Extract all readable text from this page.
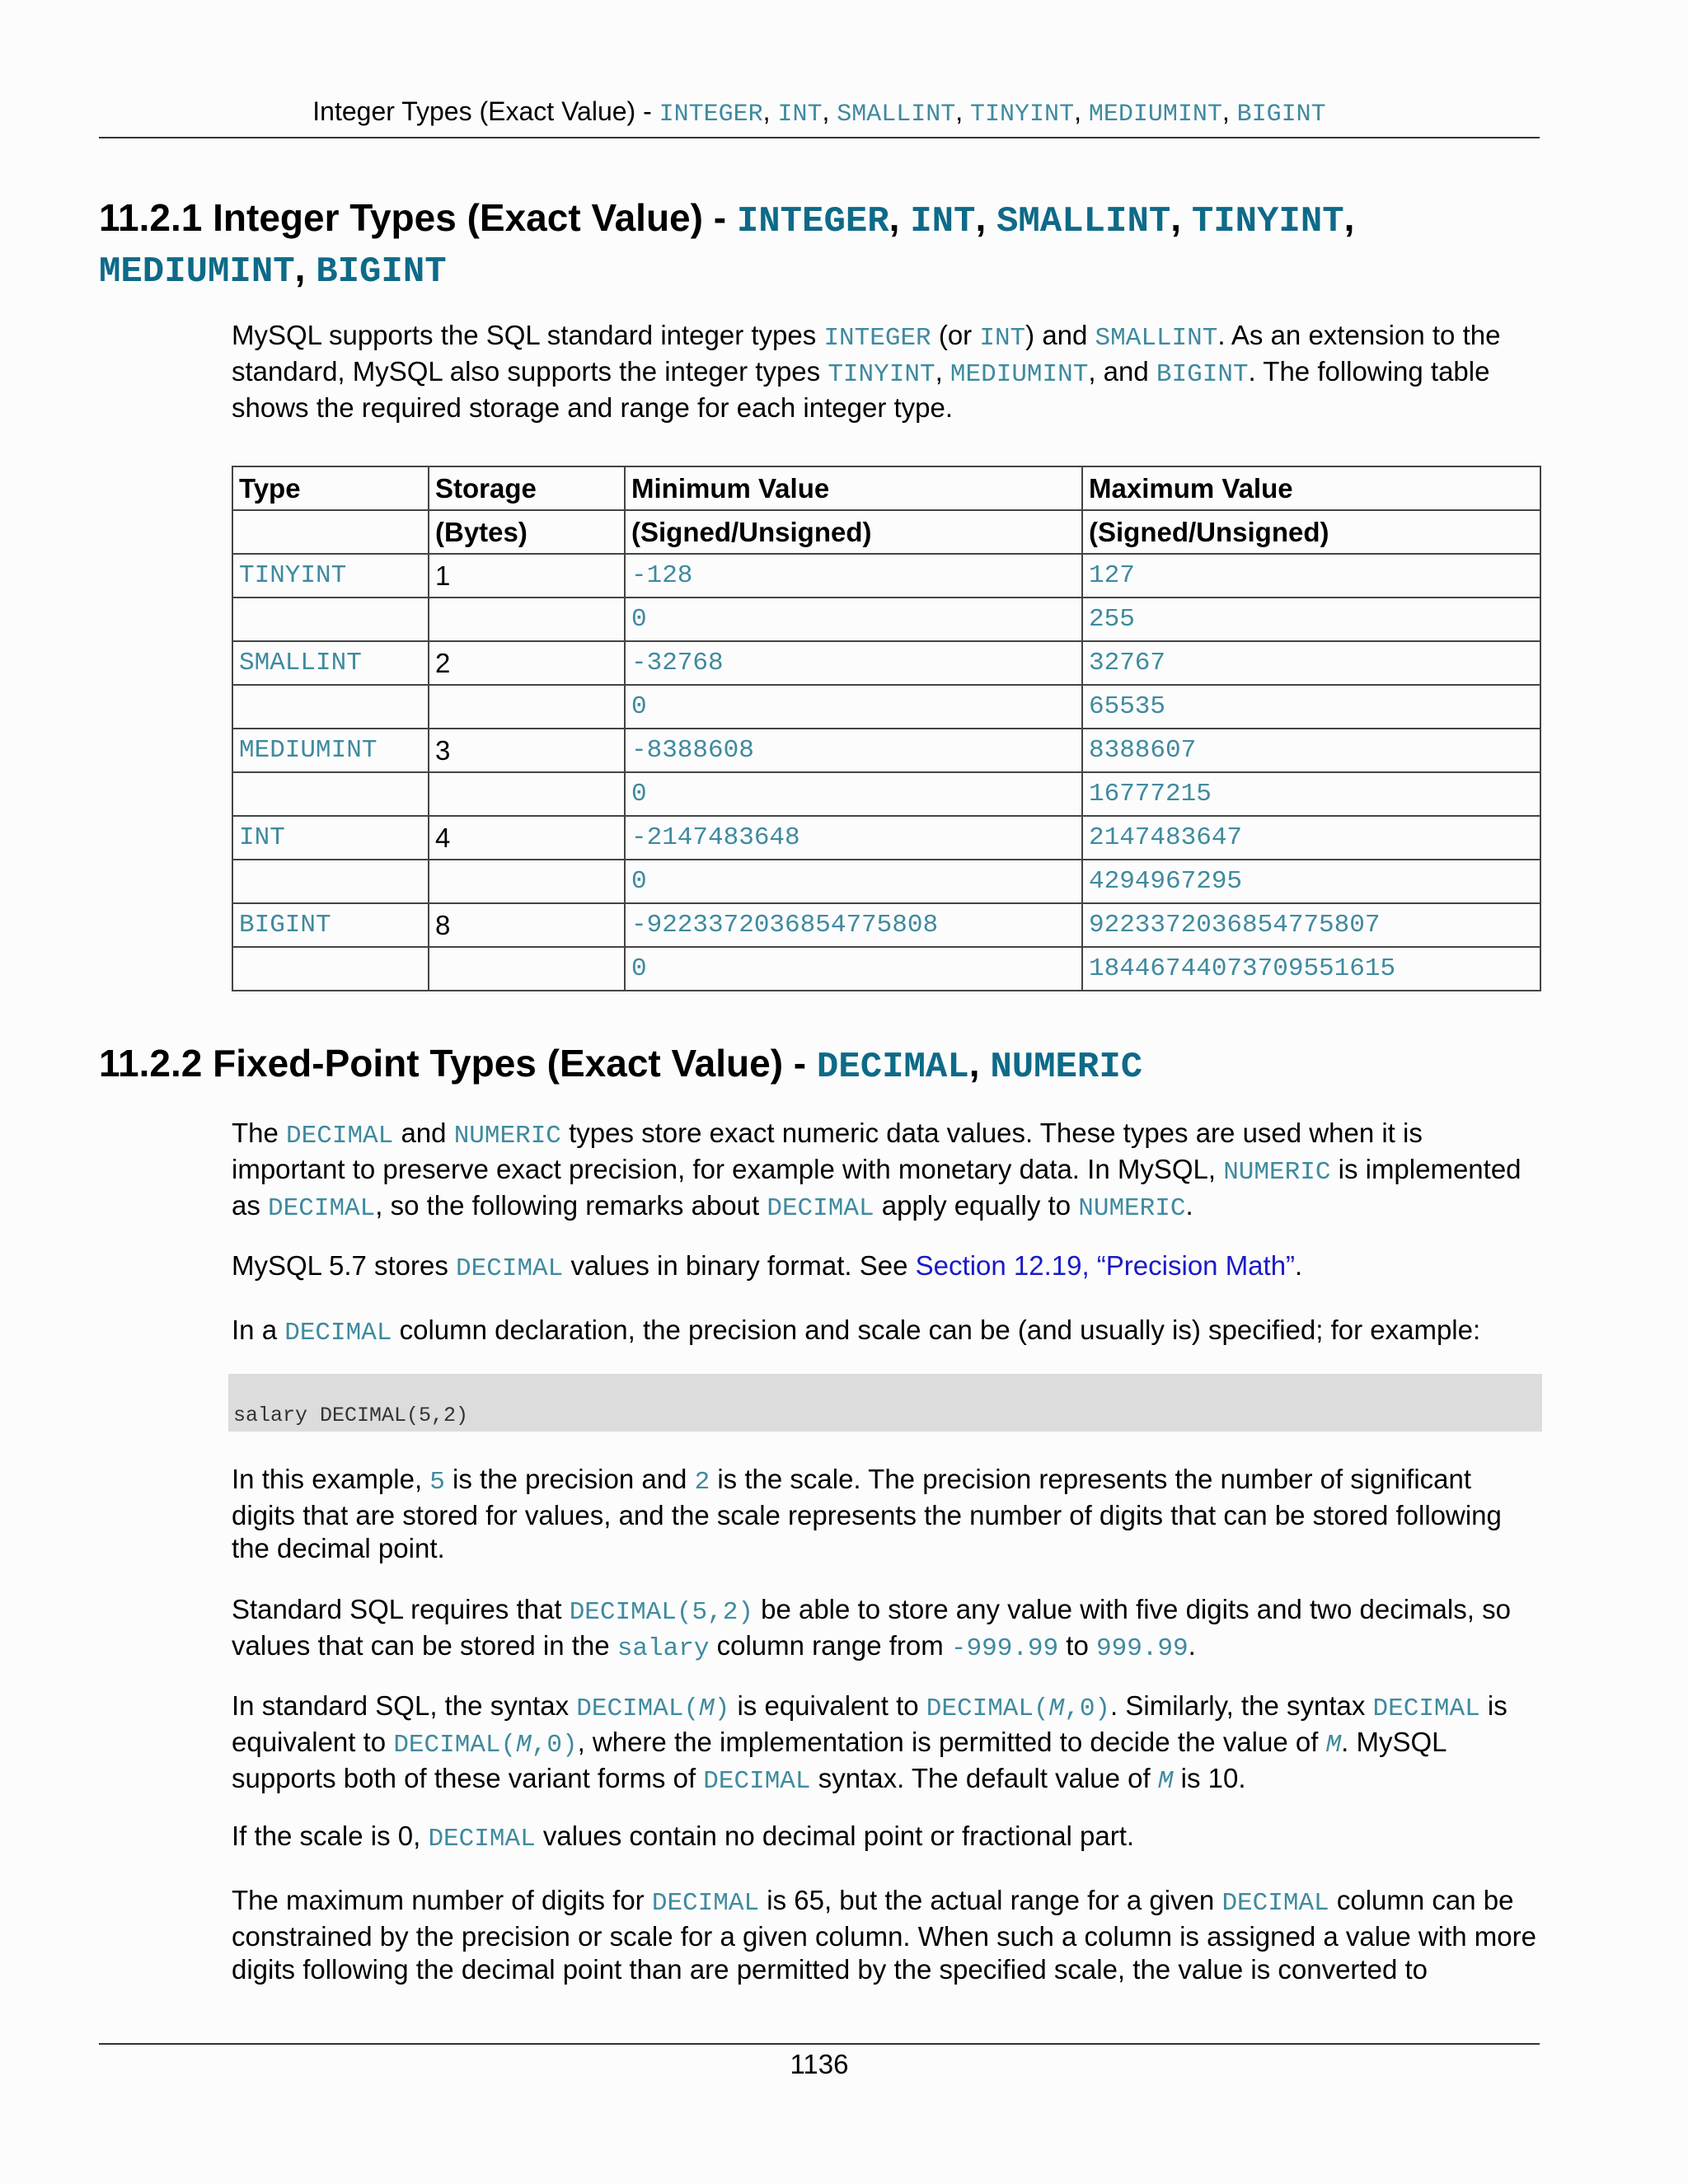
Integer Types (Exact Value) - INTEGER, INT, SMALLINT, TINYINT, MEDIUMINT, BIGINT
11.2.1 Integer Types (Exact Value) - INTEGER, INT, SMALLINT, TINYINT,
MEDIUMINT, BIGINT

MySQL supports the SQL standard integer types INTEGER (or INT) and SMALLINT. As an extension to the standard, MySQL also supports the integer types TINYINT, MEDIUMINT, and BIGINT. The following table shows the required storage and range for each integer type.

Type	Storage	Minimum Value	Maximum Value
	(Bytes)	(Signed/Unsigned)	(Signed/Unsigned)
TINYINT	1	-128	127
		0	255
SMALLINT	2	-32768	32767
		0	65535
MEDIUMINT	3	-8388608	8388607
		0	16777215
INT	4	-2147483648	2147483647
		0	4294967295
BIGINT	8	-9223372036854775808	9223372036854775807
		0	18446744073709551615
11.2.2 Fixed-Point Types (Exact Value) - DECIMAL, NUMERIC

The DECIMAL and NUMERIC types store exact numeric data values. These types are used when it is important to preserve exact precision, for example with monetary data. In MySQL, NUMERIC is implemented as DECIMAL, so the following remarks about DECIMAL apply equally to NUMERIC.

MySQL 5.7 stores DECIMAL values in binary format. See Section 12.19, “Precision Math”.

In a DECIMAL column declaration, the precision and scale can be (and usually is) specified; for example:

salary DECIMAL(5,2)

In this example, 5 is the precision and 2 is the scale. The precision represents the number of significant digits that are stored for values, and the scale represents the number of digits that can be stored following the decimal point.

Standard SQL requires that DECIMAL(5,2) be able to store any value with five digits and two decimals, so values that can be stored in the salary column range from -999.99 to 999.99.

In standard SQL, the syntax DECIMAL(M) is equivalent to DECIMAL(M,0). Similarly, the syntax DECIMAL is equivalent to DECIMAL(M,0), where the implementation is permitted to decide the value of M. MySQL supports both of these variant forms of DECIMAL syntax. The default value of M is 10.

If the scale is 0, DECIMAL values contain no decimal point or fractional part.

The maximum number of digits for DECIMAL is 65, but the actual range for a given DECIMAL column can be constrained by the precision or scale for a given column. When such a column is assigned a value with more digits following the decimal point than are permitted by the specified scale, the value is converted to

1136
